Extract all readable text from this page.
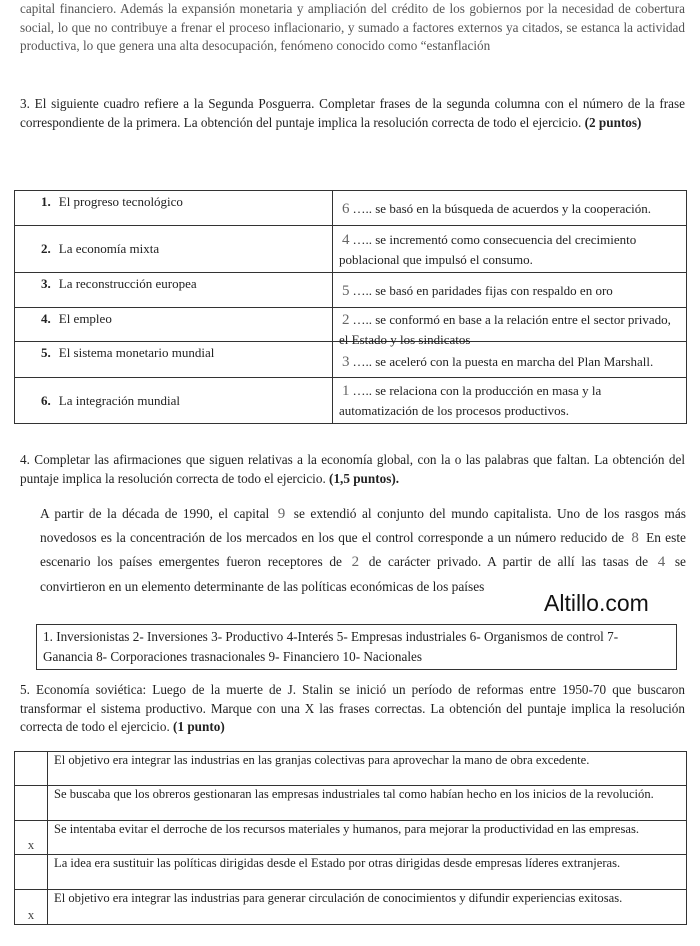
capital financiero. Además la expansión monetaria y ampliación del crédito de los gobiernos por la necesidad de cobertura social, lo que no contribuye a frenar el proceso inflacionario, y sumado a factores externos ya citados, se estanca la actividad productiva, lo que genera una alta desocupación, fenómeno conocido como “estanflación
3. El siguiente cuadro refiere a la Segunda Posguerra. Completar frases de la segunda columna con el número de la frase correspondiente de la primera. La obtención del puntaje implica la resolución correcta de todo el ejercicio. (2 puntos)
1. El progreso tecnológico	6 ….. se basó en la búsqueda de acuerdos y la cooperación.
2. La economía mixta	4 ….. se incrementó como consecuencia del crecimiento poblacional que impulsó el consumo.
3. La reconstrucción europea	5 ….. se basó en paridades fijas con respaldo en oro
4. El empleo	2 ….. se conformó en base a la relación entre el sector privado, el Estado y los sindicatos

5. El sistema monetario mundial	3 ….. se aceleró con la puesta en marcha del Plan Marshall.
6. La integración mundial	1 ….. se relaciona con la producción en masa y la automatización de los procesos productivos.
4. Completar las afirmaciones que siguen relativas a la economía global, con la o las palabras que faltan. La obtención del puntaje implica la resolución correcta de todo el ejercicio. (1,5 puntos).
A partir de la década de 1990, el capital 9 se extendió al conjunto del mundo capitalista. Uno de los rasgos más novedosos es la concentración de los mercados en los que el control corresponde a un número reducido de 8 En este escenario los países emergentes fueron receptores de 2 de carácter privado. A partir de allí las tasas de 4 se convirtieron en un elemento determinante de las políticas económicas de los países
Altillo.com
1. Inversionistas 2- Inversiones 3- Productivo 4-Interés 5- Empresas industriales 6- Organismos de control 7- Ganancia 8- Corporaciones trasnacionales 9- Financiero 10- Nacionales
5. Economía soviética: Luego de la muerte de J. Stalin se inició un período de reformas entre 1950-70 que buscaron transformar el sistema productivo. Marque con una X las frases correctas. La obtención del puntaje implica la resolución correcta de todo el ejercicio. (1 punto)
	El objetivo era integrar las industrias en las granjas colectivas para aprovechar la mano de obra excedente.
	Se buscaba que los obreros gestionaran las empresas industriales tal como habían hecho en los inicios de la revolución.
x	Se intentaba evitar el derroche de los recursos materiales y humanos, para mejorar la productividad en las empresas.
	La idea era sustituir las políticas dirigidas desde el Estado por otras dirigidas desde empresas líderes extranjeras.
x	El objetivo era integrar las industrias para generar circulación de conocimientos y difundir experiencias exitosas.
